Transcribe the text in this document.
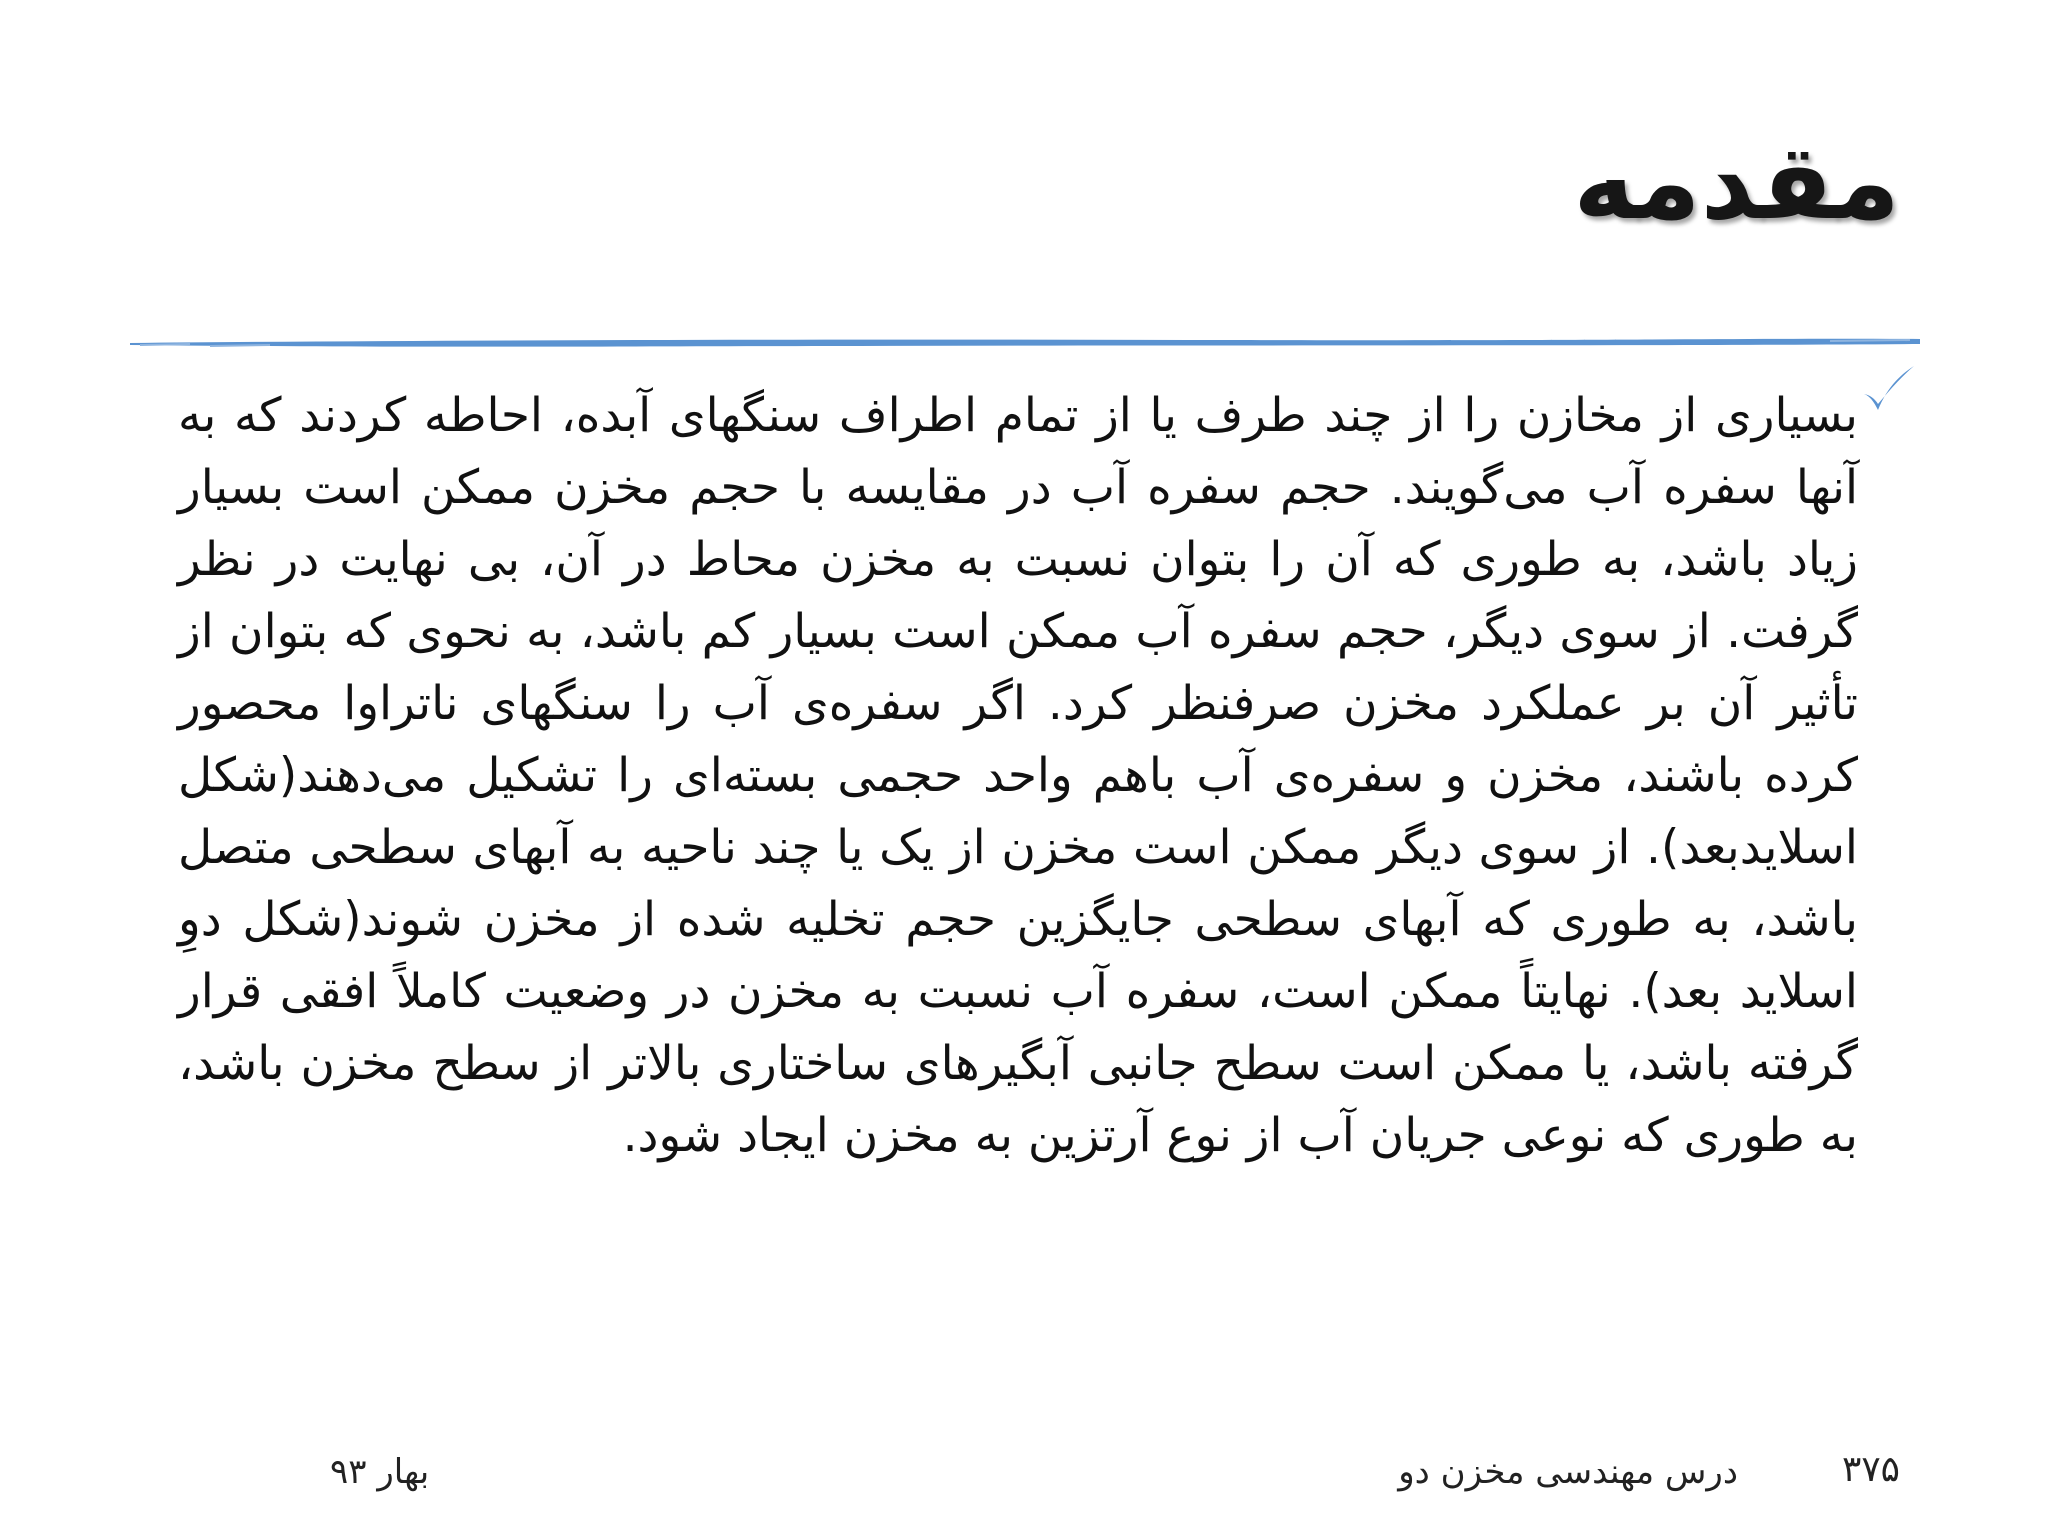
مقدمه
بسیاری از مخازن را از چند طرف یا از تمام اطراف سنگهای آبده، احاطه کردند که به آنها سفره آب می‌گویند. حجم سفره آب در مقایسه با حجم مخزن ممکن است بسیار زیاد باشد، به طوری که آن را بتوان نسبت به مخزن محاط در آن، بی نهایت در نظر گرفت. از سوی دیگر، حجم سفره آب ممکن است بسیار کم باشد، به نحوی که بتوان از تأثیر آن بر عملکرد مخزن صرفنظر کرد. اگر سفره‌ی آب را سنگهای ناتراوا محصور کرده باشند، مخزن و سفره‌ی آب باهم واحد حجمی بسته‌ای را تشکیل می‌دهند(شکل اسلایدبعد). از سوی دیگر ممکن است مخزن از یک یا چند ناحیه به آبهای سطحی متصل باشد، به طوری که آبهای سطحی جایگزین حجم تخلیه شده از مخزن شوند(شکل دوِ اسلاید بعد). نهایتاً ممکن است، سفره آب نسبت به مخزن در وضعیت کاملاً افقی قرار گرفته باشد، یا ممکن است سطح جانبی آبگیرهای ساختاری بالاتر از سطح مخزن باشد، به طوری که نوعی جریان آب از نوع آرتزین به مخزن ایجاد شود.
۳۷۵
درس مهندسی مخزن دو
بهار ۹۳
